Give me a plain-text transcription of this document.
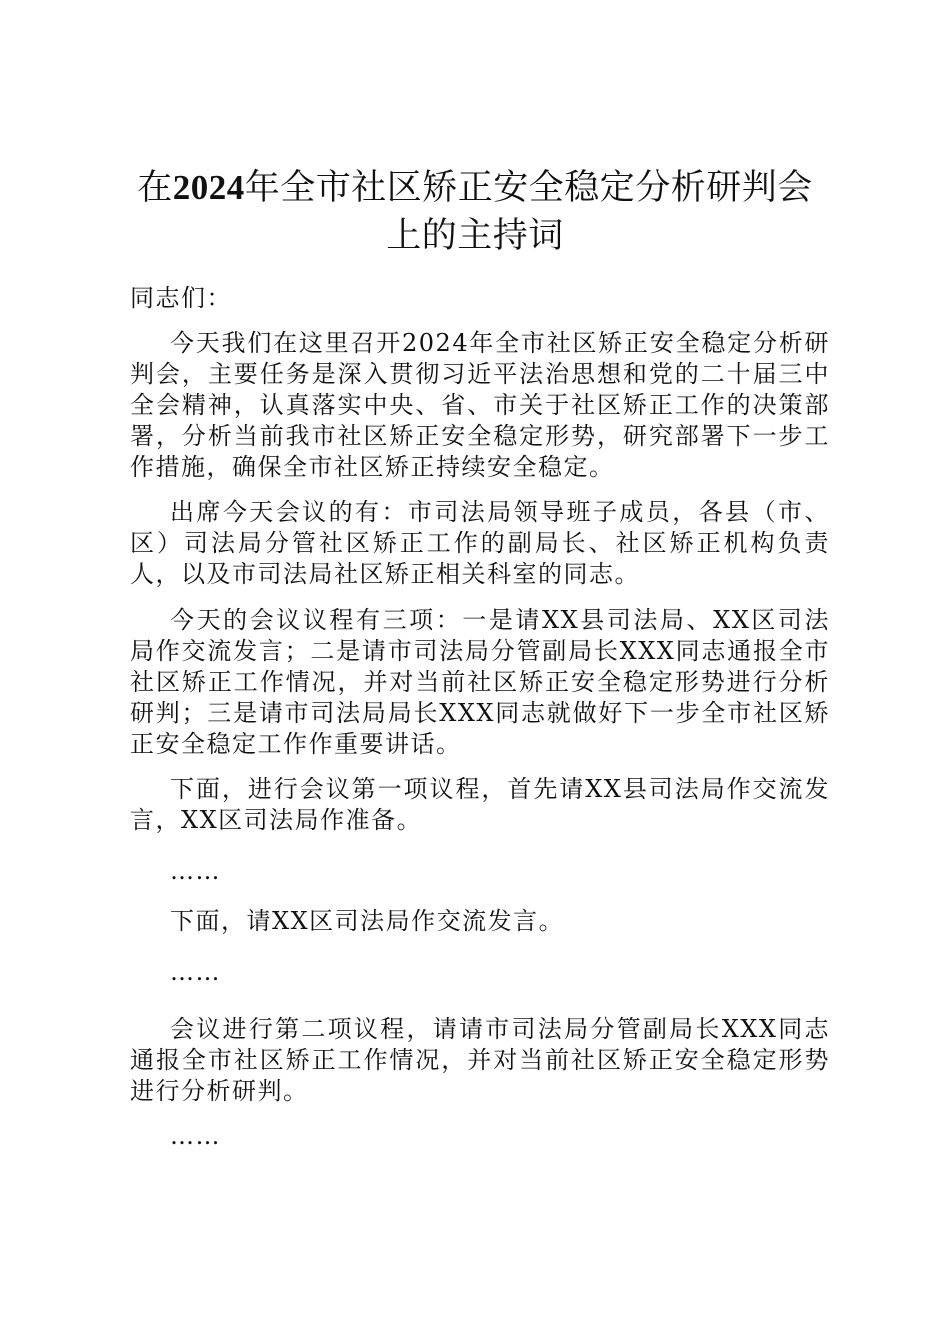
在2024年全市社区矫正安全稳定分析研判会
上的主持词

同志们：

今天我们在这里召开2024年全市社区矫正安全稳定分析研判会，主要任务是深入贯彻习近平法治思想和党的二十届三中全会精神，认真落实中央、省、市关于社区矫正工作的决策部署，分析当前我市社区矫正安全稳定形势，研究部署下一步工作措施，确保全市社区矫正持续安全稳定。

出席今天会议的有：市司法局领导班子成员，各县（市、区）司法局分管社区矫正工作的副局长、社区矫正机构负责人，以及市司法局社区矫正相关科室的同志。

今天的会议议程有三项：一是请XX县司法局、XX区司法局作交流发言；二是请市司法局分管副局长XXX同志通报全市社区矫正工作情况，并对当前社区矫正安全稳定形势进行分析研判；三是请市司法局局长XXX同志就做好下一步全市社区矫正安全稳定工作作重要讲话。

下面，进行会议第一项议程，首先请XX县司法局作交流发言，XX区司法局作准备。

……

下面，请XX区司法局作交流发言。

……

会议进行第二项议程，请请市司法局分管副局长XXX同志通报全市社区矫正工作情况，并对当前社区矫正安全稳定形势进行分析研判。

……
